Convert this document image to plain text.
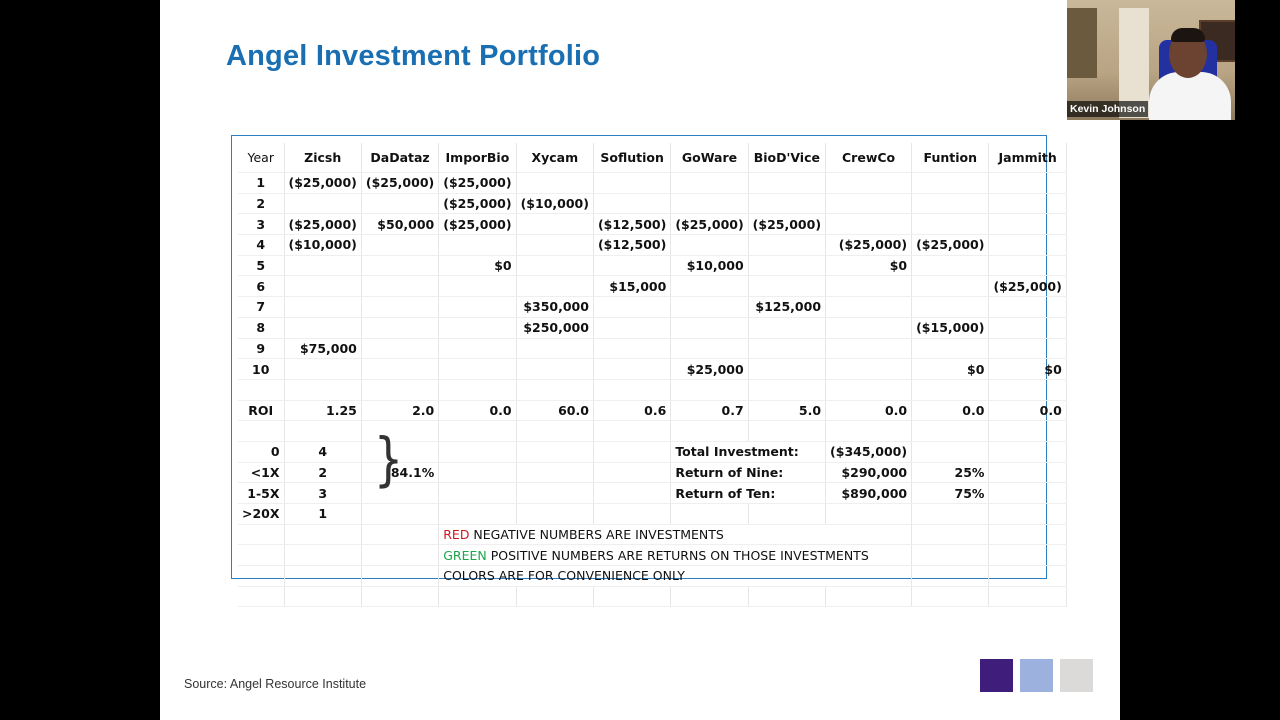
Angel Investment Portfolio
Year	Zicsh	DaDataz	ImporBio	Xycam	Soflution	GoWare	BioD'Vice	CrewCo	Funtion	Jammith
1	($25,000)	($25,000)	($25,000)							
2			($25,000)	($10,000)						
3	($25,000)	$50,000	($25,000)		($12,500)	($25,000)	($25,000)			
4	($10,000)				($12,500)			($25,000)	($25,000)	
5			$0			$10,000		$0		
6					$15,000					($25,000)
7				$350,000			$125,000			
8				$250,000					($15,000)	
9	$75,000									
10						$25,000			$0	$0

ROI	1.25	2.0	0.0	60.0	0.6	0.7	5.0	0.0	0.0	0.0

0	4					Total Investment:		($345,000)		
<1X	2	84.1%				Return of Nine:		$290,000	25%	
1-5X	3					Return of Ten:		$890,000	75%	
>20X	1									
			RED NEGATIVE NUMBERS ARE INVESTMENTS							
			GREEN POSITIVE NUMBERS ARE RETURNS ON THOSE INVESTMENTS							
			COLORS ARE FOR CONVENIENCE ONLY							

}
Source: Angel Resource Institute
Kevin Johnson
